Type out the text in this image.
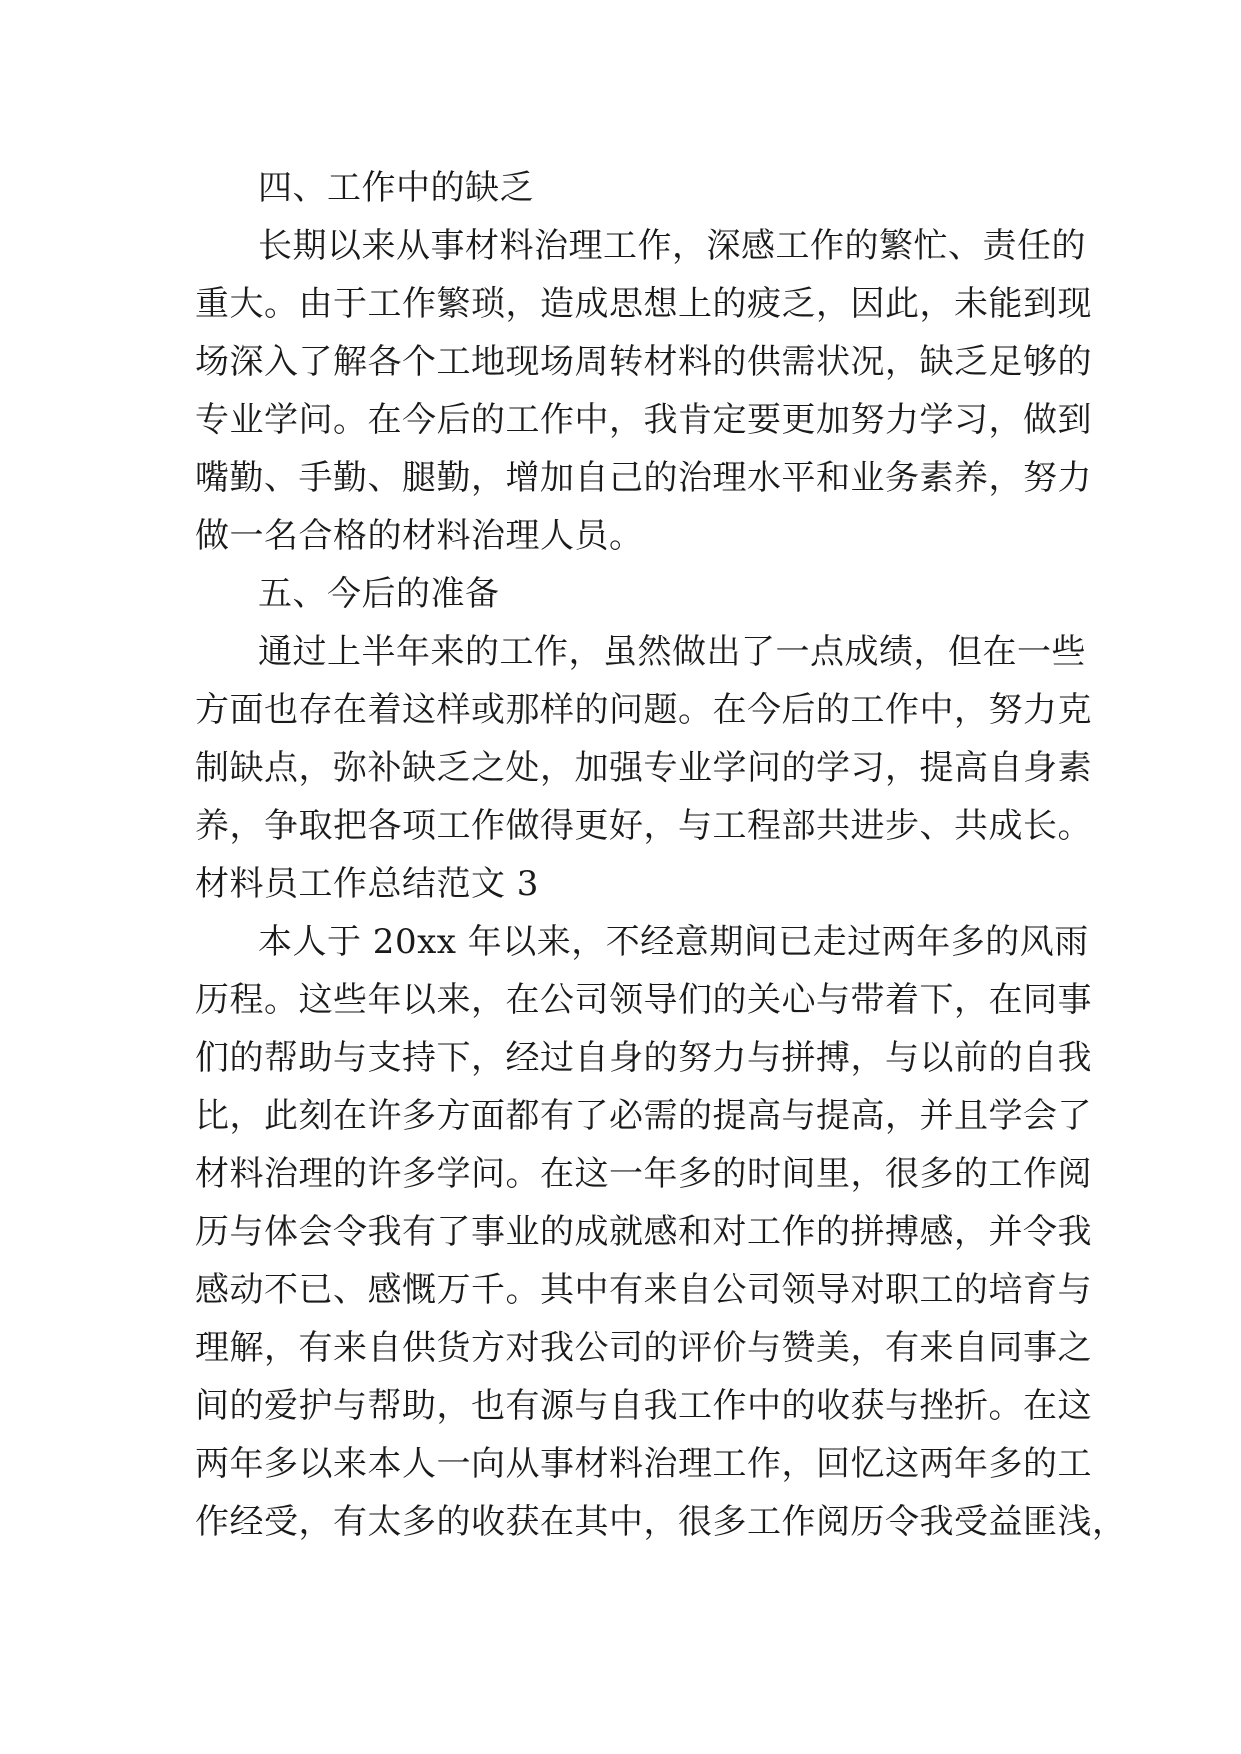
四、工作中的缺乏
长期以来从事材料治理工作，深感工作的繁忙、责任的
重大。由于工作繁琐，造成思想上的疲乏，因此，未能到现
场深入了解各个工地现场周转材料的供需状况，缺乏足够的
专业学问。在今后的工作中，我肯定要更加努力学习，做到
嘴勤、手勤、腿勤，增加自己的治理水平和业务素养，努力
做一名合格的材料治理人员。
五、今后的准备
通过上半年来的工作，虽然做出了一点成绩，但在一些
方面也存在着这样或那样的问题。在今后的工作中，努力克
制缺点，弥补缺乏之处，加强专业学问的学习，提高自身素
养，争取把各项工作做得更好，与工程部共进步、共成长。
材料员工作总结范文 3
本人于 20xx 年以来，不经意期间已走过两年多的风雨
历程。这些年以来，在公司领导们的关心与带着下，在同事
们的帮助与支持下，经过自身的努力与拼搏，与以前的自我
比，此刻在许多方面都有了必需的提高与提高，并且学会了
材料治理的许多学问。在这一年多的时间里，很多的工作阅
历与体会令我有了事业的成就感和对工作的拼搏感，并令我
感动不已、感慨万千。其中有来自公司领导对职工的培育与
理解，有来自供货方对我公司的评价与赞美，有来自同事之
间的爱护与帮助，也有源与自我工作中的收获与挫折。在这
两年多以来本人一向从事材料治理工作，回忆这两年多的工
作经受，有太多的收获在其中，很多工作阅历令我受益匪浅，
